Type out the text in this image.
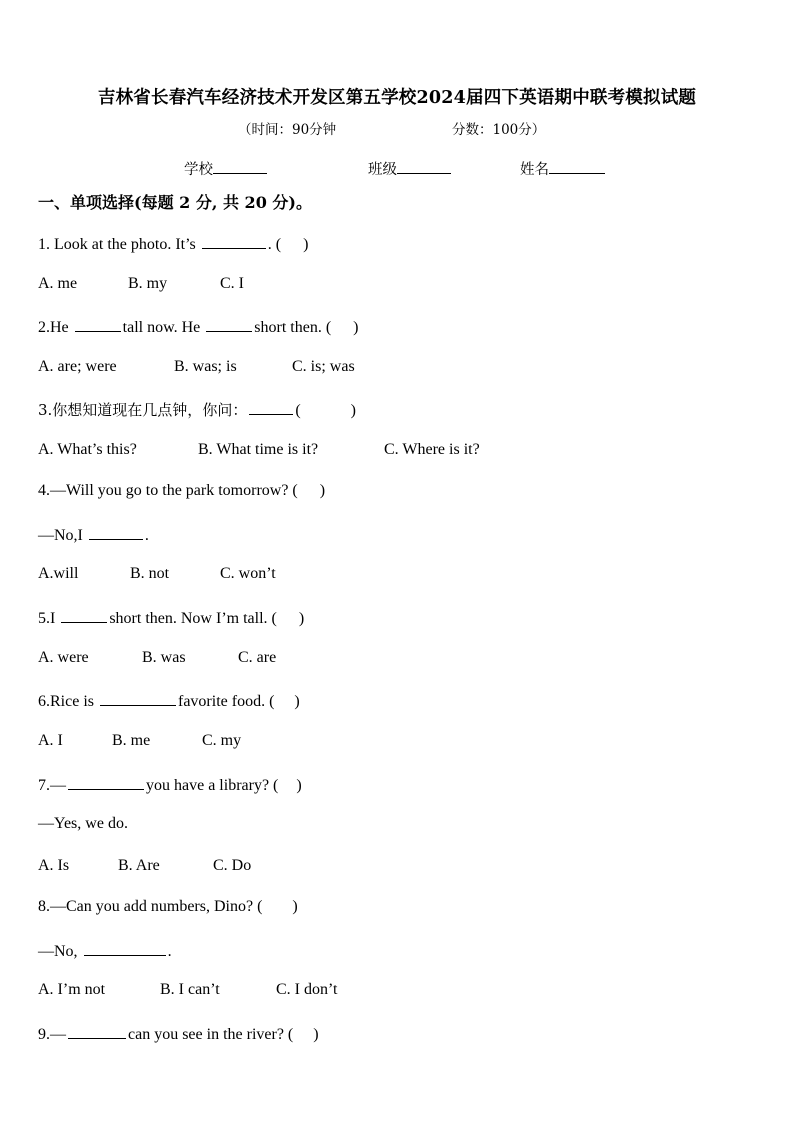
吉林省长春汽车经济技术开发区第五学校2024届四下英语期中联考模拟试题
（时间：90分钟	分数：100分）
学校	班级	姓名
一、单项选择(每题 2 分, 共 20 分)。
1. Look at the photo. It’s	. ( )
A. me	B. my	C. I
2.He	tall now. He	short then. ( )
A. are; were	B. was; is	C. is; was
3.你想知道现在几点钟，你问：	(	)
A. What’s this?	B. What time is it?	C. Where is it?
4.—Will you go to the park tomorrow? ( )
—No,I	.
A.will	B. not	C. won’t
5.I	short then. Now I’m tall. ( )
A. were	B. was	C. are
6.Rice is	favorite food. ( )
A. I	B. me	C. my
7.—	you have a library? ( )
—Yes, we do.
A. Is	B. Are	C. Do
8.—Can you add numbers, Dino? ( )
—No,	.
A. I’m not	B. I can’t	C. I don’t
9.—	can you see in the river? ( )
